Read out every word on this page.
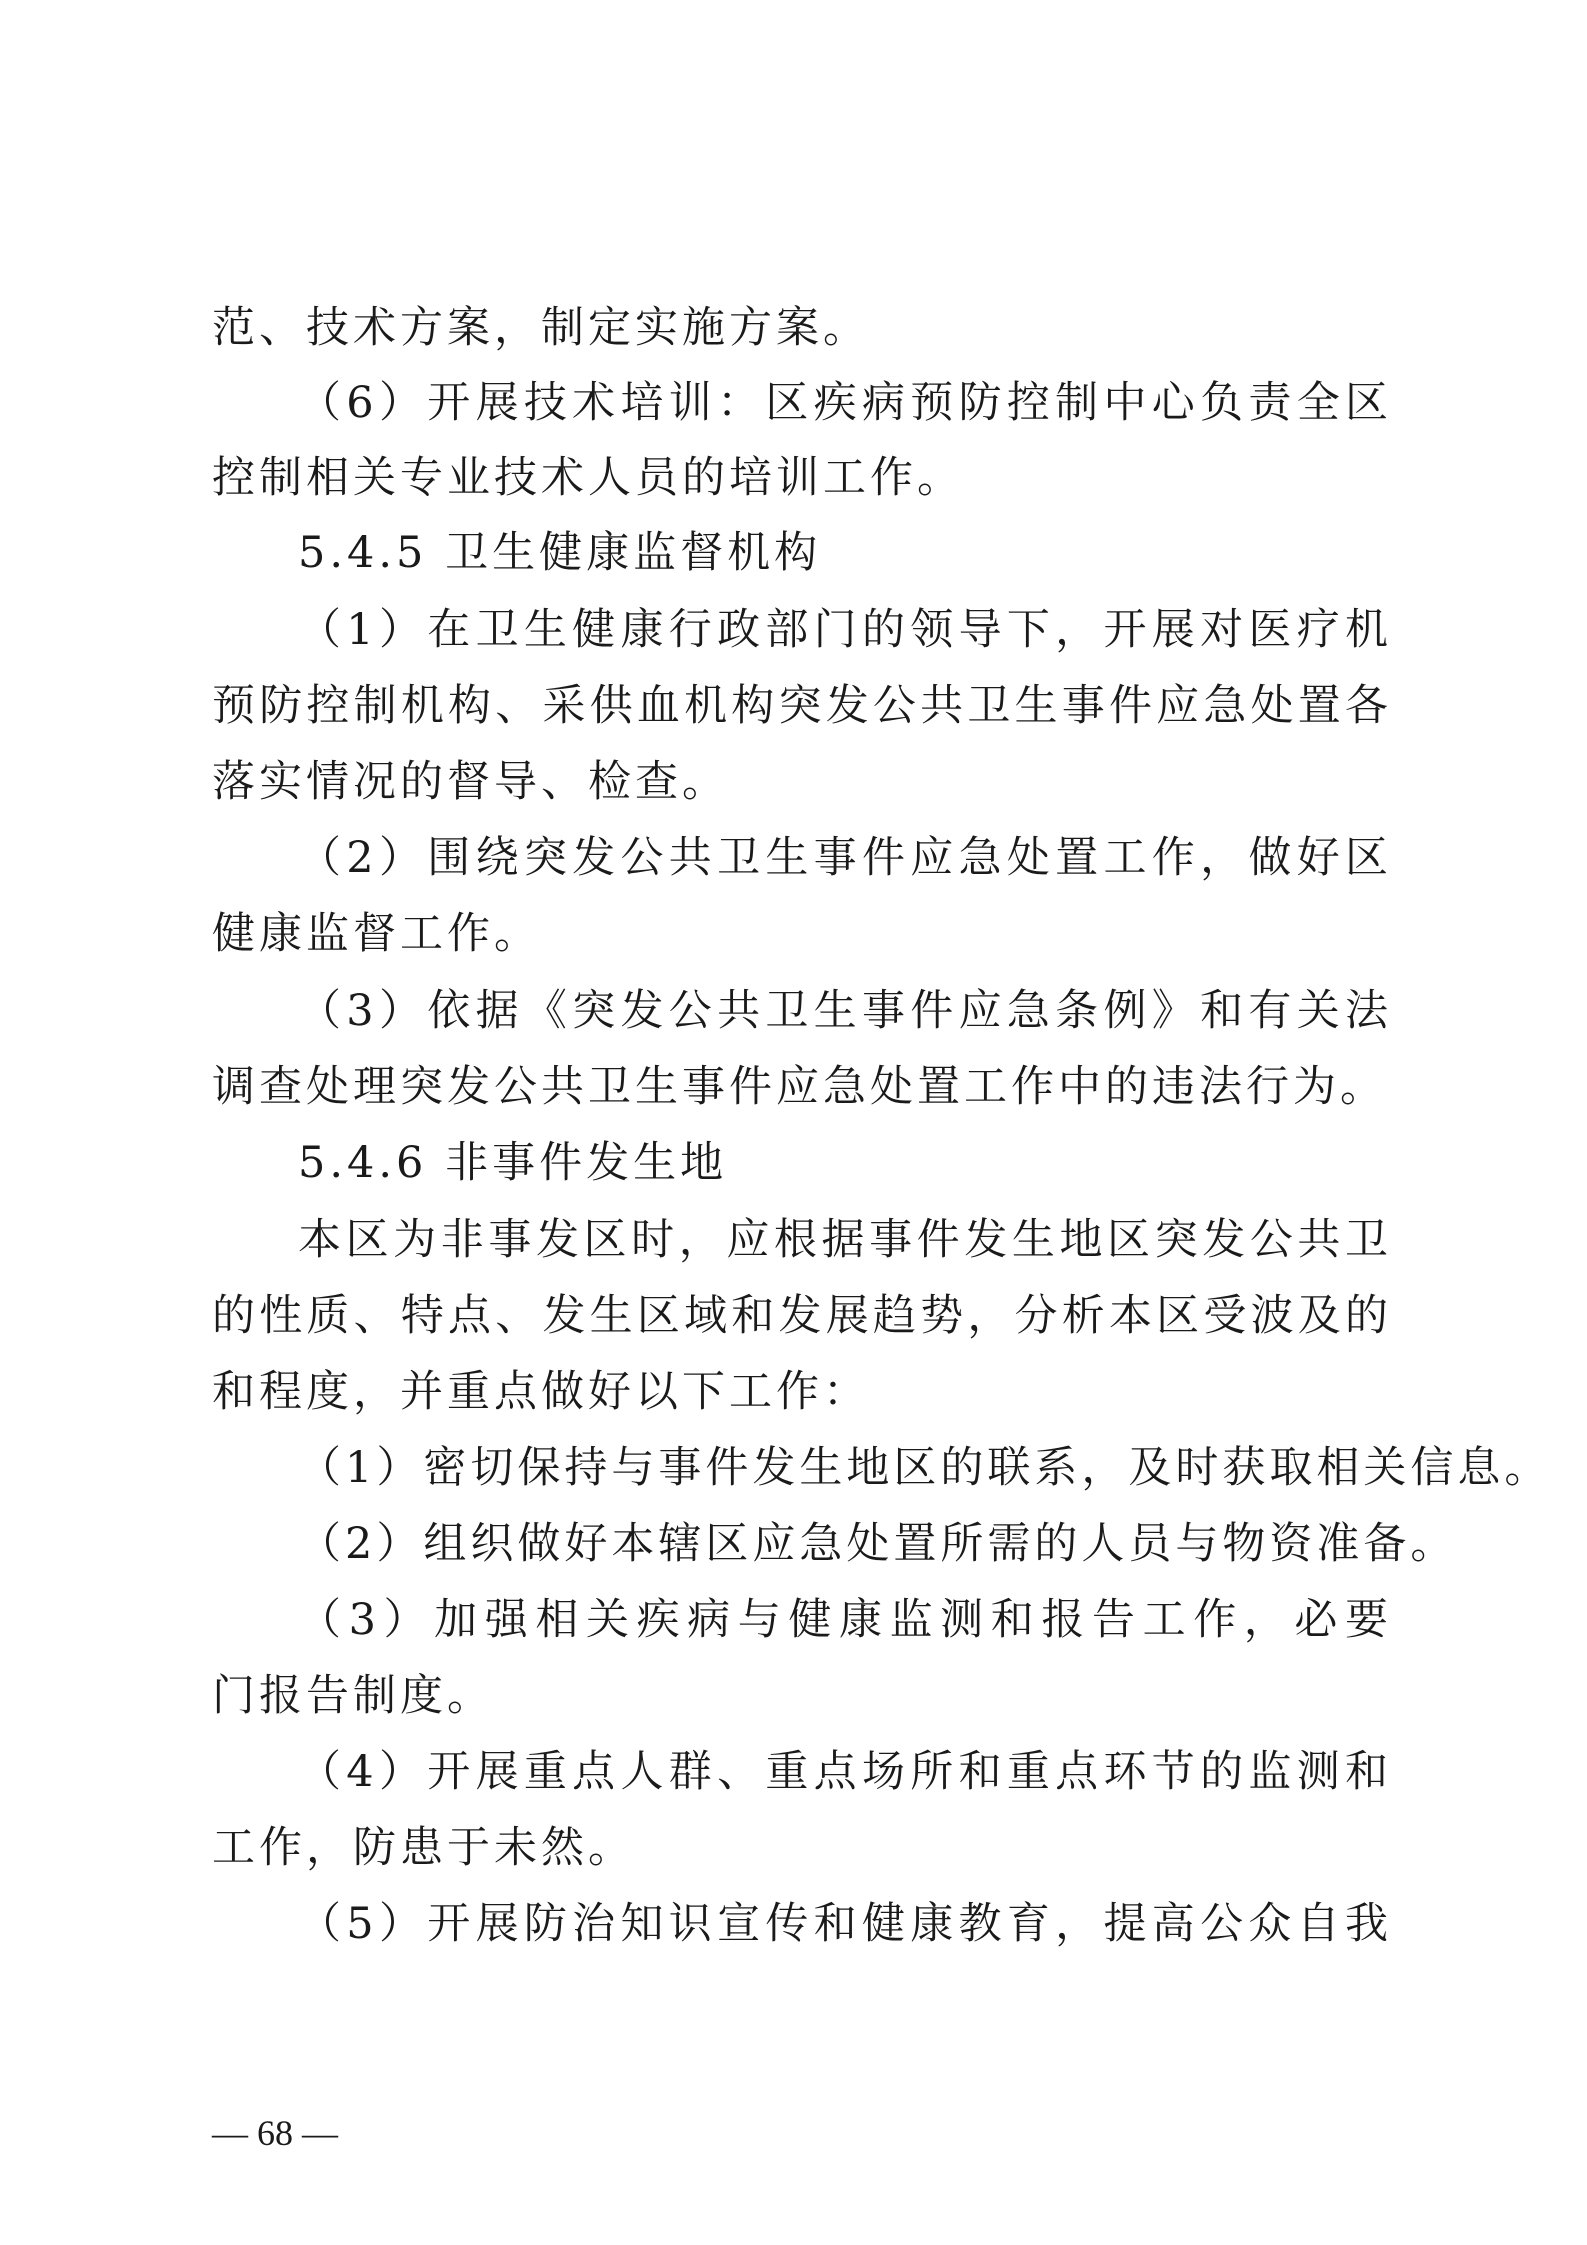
范、技术方案，制定实施方案。
（6）开展技术培训：区疾病预防控制中心负责全区
控制相关专业技术人员的培训工作。
5.4.5 卫生健康监督机构
（1）在卫生健康行政部门的领导下，开展对医疗机
预防控制机构、采供血机构突发公共卫生事件应急处置各
落实情况的督导、检查。
（2）围绕突发公共卫生事件应急处置工作，做好区
健康监督工作。
（3）依据《突发公共卫生事件应急条例》和有关法
调查处理突发公共卫生事件应急处置工作中的违法行为。
5.4.6 非事件发生地
本区为非事发区时，应根据事件发生地区突发公共卫
的性质、特点、发生区域和发展趋势，分析本区受波及的
和程度，并重点做好以下工作：
（1）密切保持与事件发生地区的联系，及时获取相关信息。
（2）组织做好本辖区应急处置所需的人员与物资准备。
（3）加强相关疾病与健康监测和报告工作，必要
门报告制度。
（4）开展重点人群、重点场所和重点环节的监测和
工作，防患于未然。
（5）开展防治知识宣传和健康教育，提高公众自我
— 68 —
